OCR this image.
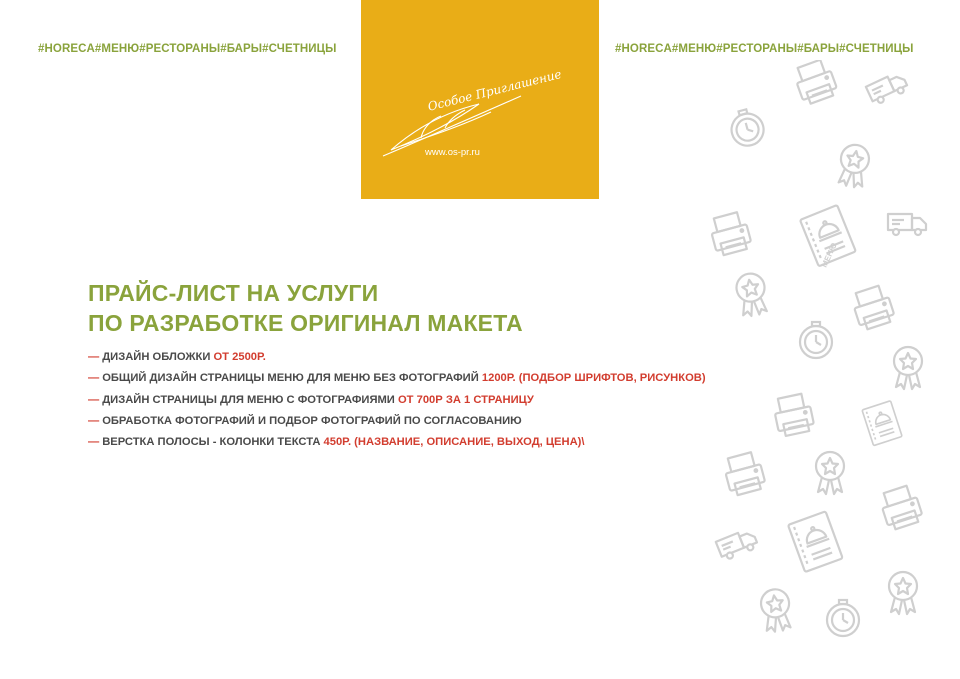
#HORECA#МЕНЮ#РЕСТОРАНЫ#БАРЫ#СЧЕТНИЦЫ	#HORECA#МЕНЮ#РЕСТОРАНЫ#БАРЫ#СЧЕТНИЦЫ
Особое Приглашение
www.os-pr.ru
ПРАЙС-ЛИСТ НА УСЛУГИ
ПО РАЗРАБОТКЕ ОРИГИНАЛ МАКЕТА
— ДИЗАЙН ОБЛОЖКИ ОТ 2500Р.
— ОБЩИЙ ДИЗАЙН СТРАНИЦЫ МЕНЮ ДЛЯ МЕНЮ БЕЗ ФОТОГРАФИЙ 1200Р. (ПОДБОР ШРИФТОВ, РИСУНКОВ)
— ДИЗАЙН СТРАНИЦЫ ДЛЯ МЕНЮ С ФОТОГРАФИЯМИ ОТ 700Р ЗА 1 СТРАНИЦУ
— ОБРАБОТКА ФОТОГРАФИЙ И ПОДБОР ФОТОГРАФИЙ ПО СОГЛАСОВАНИЮ
— ВЕРСТКА ПОЛОСЫ - КОЛОНКИ ТЕКСТА 450Р. (НАЗВАНИЕ, ОПИСАНИЕ, ВЫХОД, ЦЕНА)\
МЕНЮ
